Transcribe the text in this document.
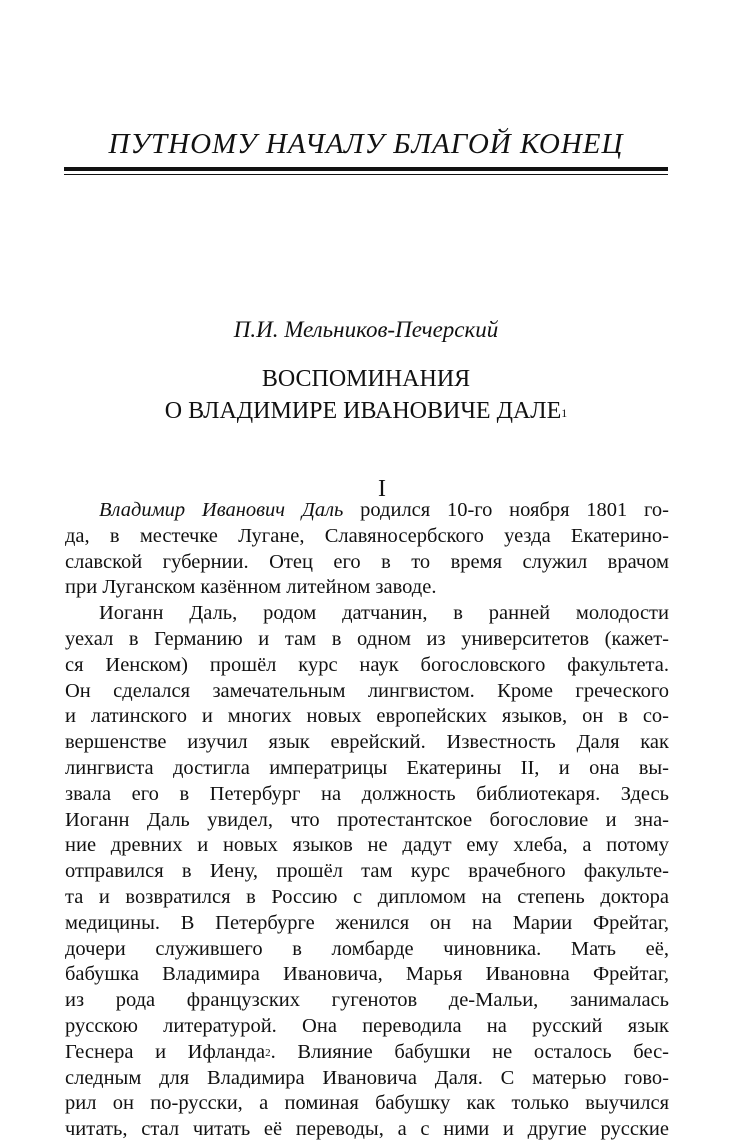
ПУТНОМУ НАЧАЛУ БЛАГОЙ КОНЕЦ
П.И. Мельников-Печерский
ВОСПОМИНАНИЯ
О ВЛАДИМИРЕ ИВАНОВИЧЕ ДАЛЕ$^1$
I
Владимир Иванович Даль родился 10-го ноября 1801 го-
да, в местечке Лугане, Славяносербского уезда Екатерино-
славской губернии. Отец его в то время служил врачом
при Луганском казённом литейном заводе.
Иоганн Даль, родом датчанин, в ранней молодости
уехал в Германию и там в одном из университетов (кажет-
ся Иенском) прошёл курс наук богословского факультета.
Он сделался замечательным лингвистом. Кроме греческого
и латинского и многих новых европейских языков, он в со-
вершенстве изучил язык еврейский. Известность Даля как
лингвиста достигла императрицы Екатерины II, и она вы-
звала его в Петербург на должность библиотекаря. Здесь
Иоганн Даль увидел, что протестантское богословие и зна-
ние древних и новых языков не дадут ему хлеба, а потому
отправился в Иену, прошёл там курс врачебного факульте-
та и возвратился в Россию с дипломом на степень доктора
медицины. В Петербурге женился он на Марии Фрейтаг,
дочери служившего в ломбарде чиновника. Мать её,
бабушка Владимира Ивановича, Марья Ивановна Фрейтаг,
из рода французских гугенотов де-Мальи, занималась
русскою литературой. Она переводила на русский язык
Геснера и Ифланда$^2$. Влияние бабушки не осталось бес-
следным для Владимира Ивановича Даля. С матерью гово-
рил он по-русски, а поминая бабушку как только выучился
читать, стал читать её переводы, а с ними и другие русские
